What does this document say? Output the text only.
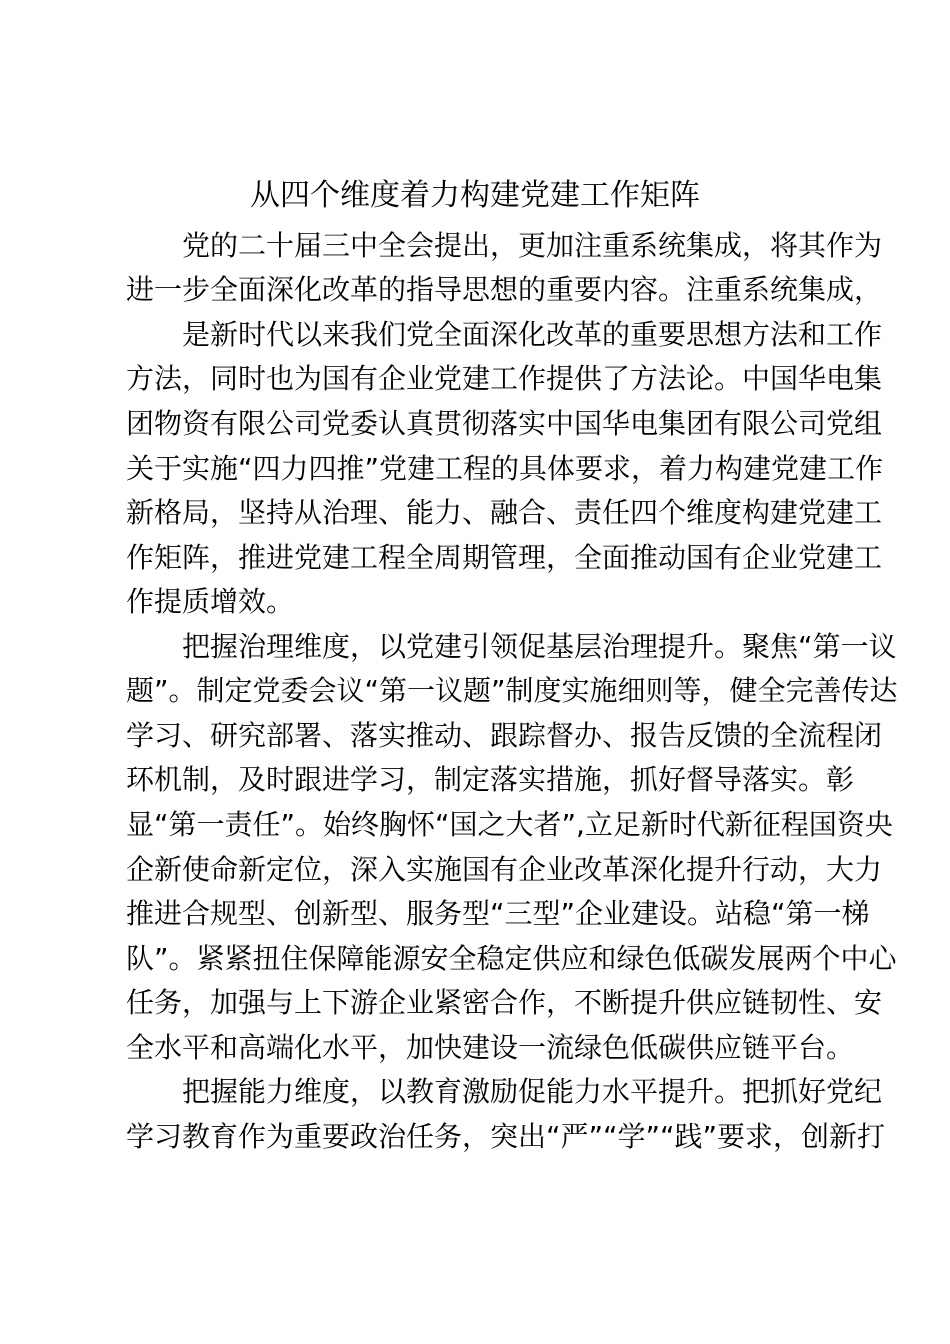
从四个维度着力构建党建工作矩阵
党的二十届三中全会提出，更加注重系统集成，将其作为
进一步全面深化改革的指导思想的重要内容。注重系统集成，
是新时代以来我们党全面深化改革的重要思想方法和工作
方法，同时也为国有企业党建工作提供了方法论。中国华电集
团物资有限公司党委认真贯彻落实中国华电集团有限公司党组
关于实施“四力四推”党建工程的具体要求，着力构建党建工作
新格局，坚持从治理、能力、融合、责任四个维度构建党建工
作矩阵，推进党建工程全周期管理，全面推动国有企业党建工
作提质增效。
把握治理维度，以党建引领促基层治理提升。聚焦“第一议
题”。制定党委会议“第一议题”制度实施细则等，健全完善传达
学习、研究部署、落实推动、跟踪督办、报告反馈的全流程闭
环机制，及时跟进学习，制定落实措施，抓好督导落实。彰
显“第一责任”。始终胸怀“国之大者”,立足新时代新征程国资央
企新使命新定位，深入实施国有企业改革深化提升行动，大力
推进合规型、创新型、服务型“三型”企业建设。站稳“第一梯
队”。紧紧扭住保障能源安全稳定供应和绿色低碳发展两个中心
任务，加强与上下游企业紧密合作，不断提升供应链韧性、安
全水平和高端化水平，加快建设一流绿色低碳供应链平台。
把握能力维度，以教育激励促能力水平提升。把抓好党纪
学习教育作为重要政治任务，突出“严”“学”“践”要求，创新打
